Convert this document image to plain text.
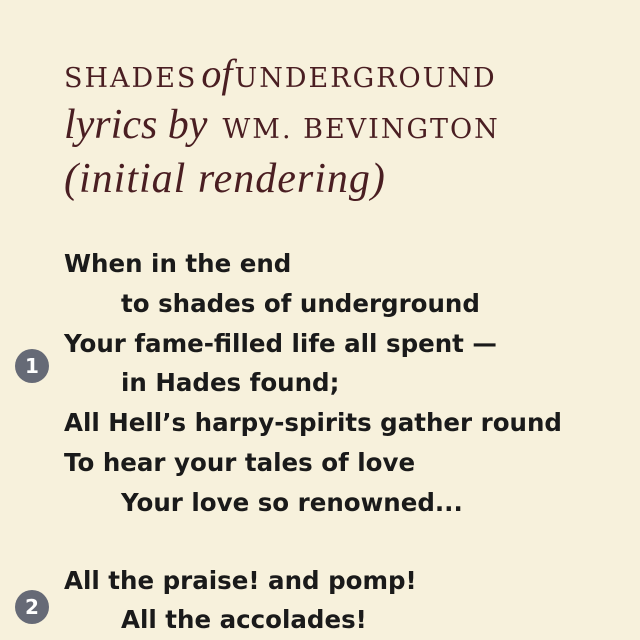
SHADES ofUNDERGROUND
lyrics by WM. BEVINGTON
(initial rendering)
1
2
When in the end
to shades of underground
Your fame-filled life all spent —
in Hades found;
All Hell’s harpy-spirits gather round
To hear your tales of love
Your love so renowned...
All the praise! and pomp!
All the accolades!
